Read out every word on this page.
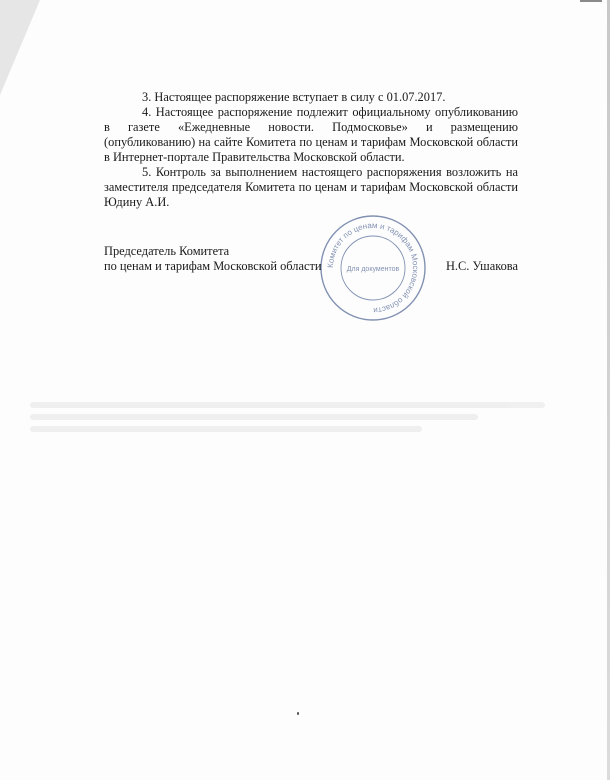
3. Настоящее распоряжение вступает в силу с 01.07.2017.

4. Настоящее распоряжение подлежит официальному опубликованию в газете «Ежедневные новости. Подмосковье» и размещению (опубликованию) на сайте Комитета по ценам и тарифам Московской области в Интернет-портале Правительства Московской области.

5. Контроль за выполнением настоящего распоряжения возложить на заместителя председателя Комитета по ценам и тарифам Московской области Юдину А.И.

Комитет по ценам и тарифам Московской области
Для документов
Председатель Комитета
по ценам и тарифам Московской области	Н.С. Ушакова
